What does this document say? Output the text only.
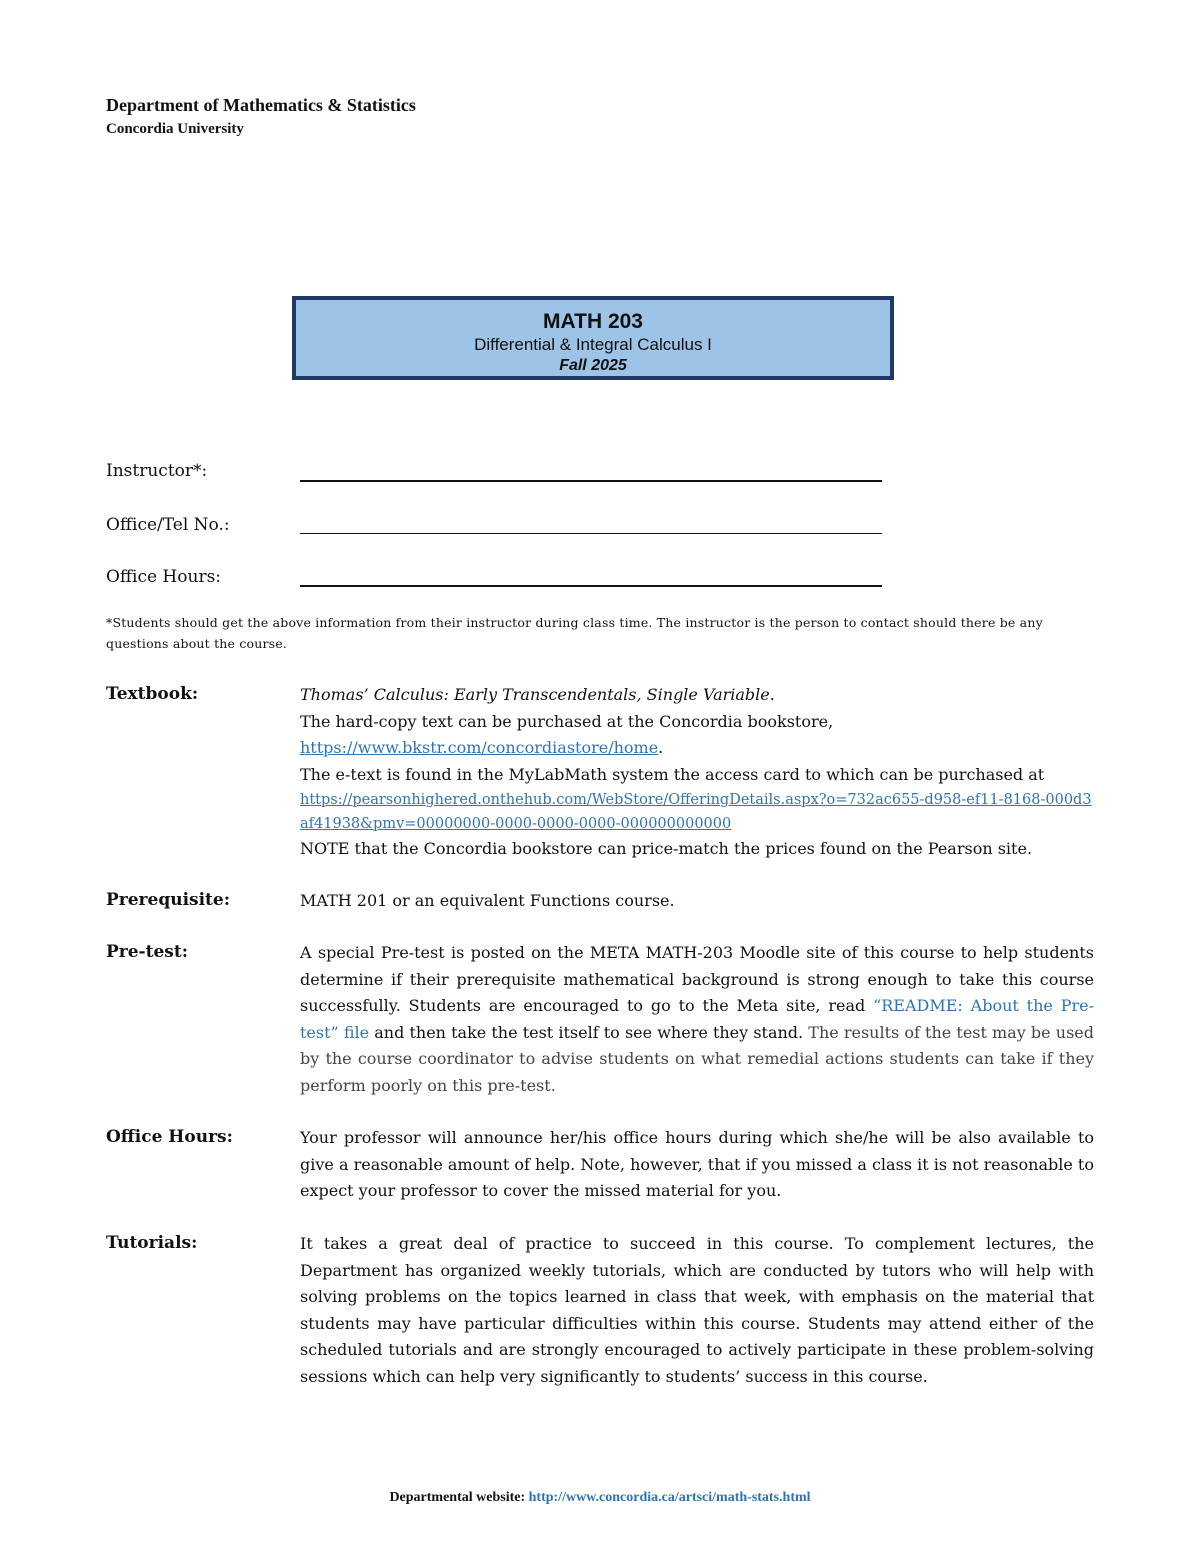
Department of Mathematics & Statistics
Concordia University
MATH 203
Differential & Integral Calculus I
Fall 2025
Instructor*:
Office/Tel No.:
Office Hours:
*Students should get the above information from their instructor during class time. The instructor is the person to contact should there be any questions about the course.
Textbook:	Thomas’ Calculus: Early Transcendentals, Single Variable.
The hard-copy text can be purchased at the Concordia bookstore,
https://www.bkstr.com/concordiastore/home.
The e-text is found in the MyLabMath system the access card to which can be purchased at
https://pearsonhighered.onthehub.com/WebStore/OfferingDetails.aspx?o=732ac655-d958-ef11-8168-000d3af41938&pmv=00000000-0000-0000-0000-000000000000
NOTE that the Concordia bookstore can price-match the prices found on the Pearson site.
Prerequisite:	MATH 201 or an equivalent Functions course.
Pre-test:	A special Pre-test is posted on the META MATH-203 Moodle site of this course to help students determine if their prerequisite mathematical background is strong enough to take this course successfully. Students are encouraged to go to the Meta site, read “README: About the Pre-test” file and then take the test itself to see where they stand. The results of the test may be used by the course coordinator to advise students on what remedial actions students can take if they perform poorly on this pre-test.
Office Hours:	Your professor will announce her/his office hours during which she/he will be also available to give a reasonable amount of help. Note, however, that if you missed a class it is not reasonable to expect your professor to cover the missed material for you.
Tutorials:	It takes a great deal of practice to succeed in this course. To complement lectures, the Department has organized weekly tutorials, which are conducted by tutors who will help with solving problems on the topics learned in class that week, with emphasis on the material that students may have particular difficulties within this course. Students may attend either of the scheduled tutorials and are strongly encouraged to actively participate in these problem-solving sessions which can help very significantly to students’ success in this course.
Departmental website: http://www.concordia.ca/artsci/math-stats.html
